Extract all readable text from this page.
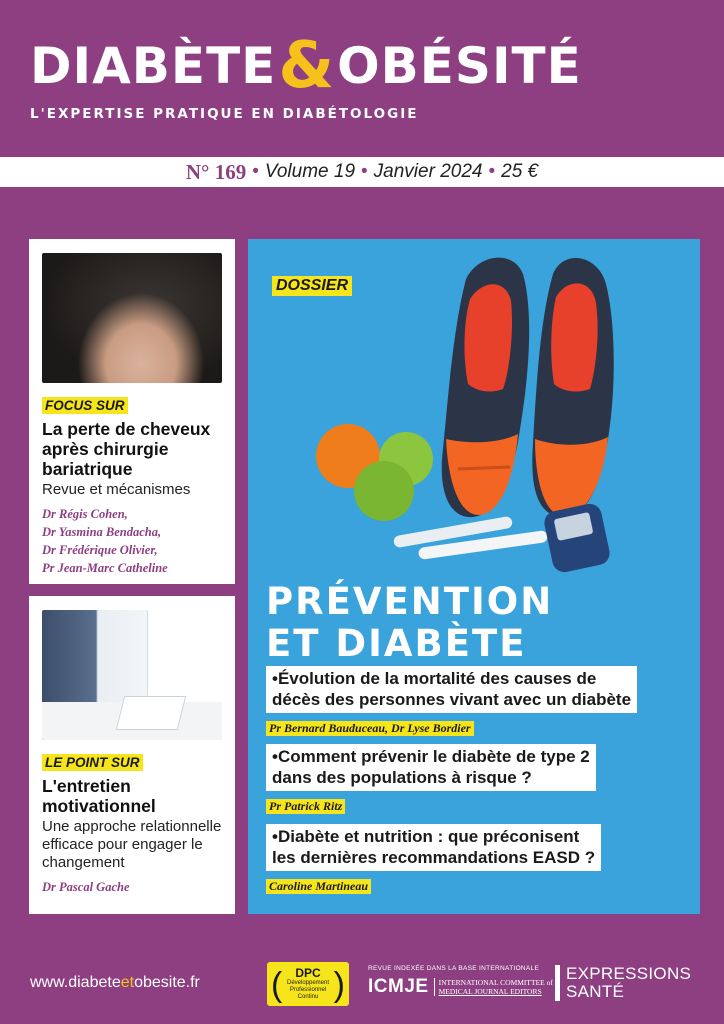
DIABÈTE&OBÉSITÉ
L'EXPERTISE PRATIQUE EN DIABÉTOLOGIE
N° 169 • Volume 19 • Janvier 2024 • 25 €
FOCUS SUR
La perte de cheveux après chirurgie bariatrique
Revue et mécanismes
Dr Régis Cohen,
Dr Yasmina Bendacha,
Dr Frédérique Olivier,
Pr Jean-Marc Catheline
LE POINT SUR
L'entretien motivationnel
Une approche relationnelle efficace pour engager le changement
Dr Pascal Gache
DOSSIER
PRÉVENTION
ET DIABÈTE
•Évolution de la mortalité des causes de
décès des personnes vivant avec un diabète

Pr Bernard Bauduceau, Dr Lyse Bordier
•Comment prévenir le diabète de type 2
dans des populations à risque ?

Pr Patrick Ritz
•Diabète et nutrition : que préconisent
les dernières recommandations EASD ?

Caroline Martineau
www.diabeteetobesite.fr ( )
DPC
Développement
Professionnel
Continu
REVUE INDEXÉE DANS LA BASE INTERNATIONALE
ICMJE INTERNATIONAL COMMITTEE of
MEDICAL JOURNAL EDITORS
EXPRESSIONS
SANTÉ
